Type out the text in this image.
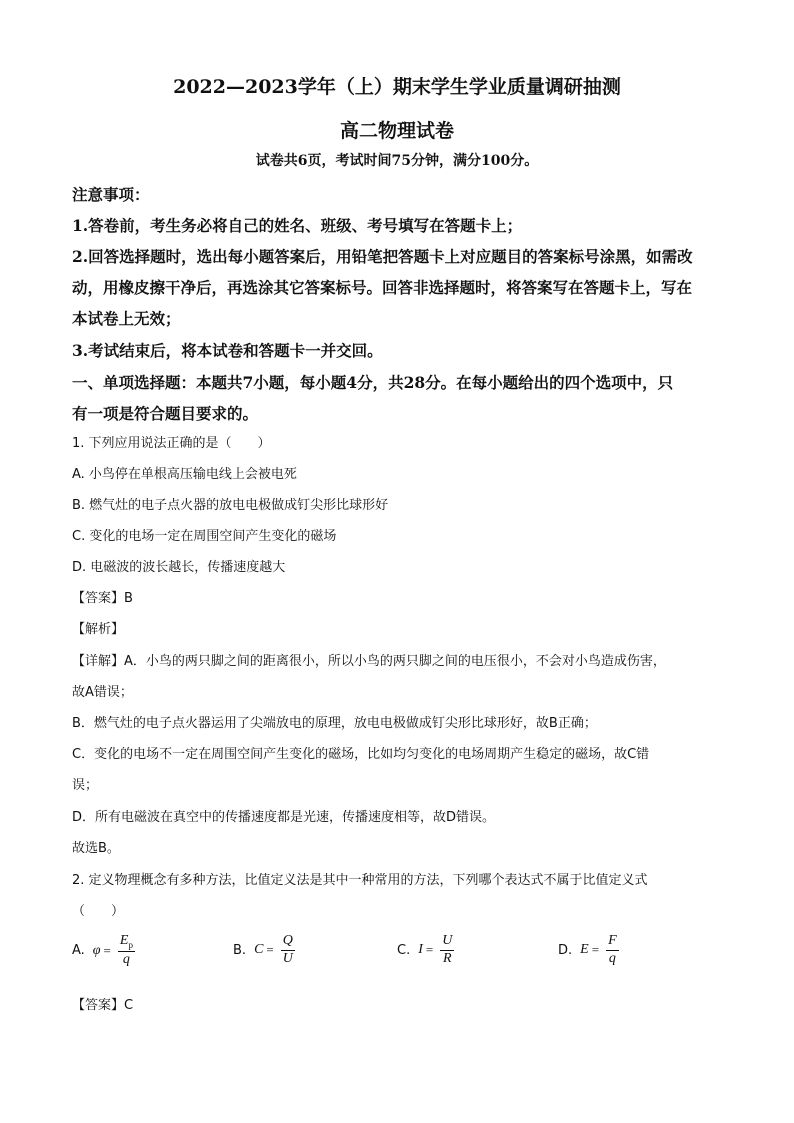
2022—2023学年（上）期末学生学业质量调研抽测
高二物理试卷
试卷共6页，考试时间75分钟，满分100分。
注意事项：
1.答卷前，考生务必将自己的姓名、班级、考号填写在答题卡上；
2.回答选择题时，选出每小题答案后，用铅笔把答题卡上对应题目的答案标号涂黑，如需改
动，用橡皮擦干净后，再选涂其它答案标号。回答非选择题时，将答案写在答题卡上，写在
本试卷上无效；
3.考试结束后，将本试卷和答题卡一并交回。
一、单项选择题：本题共7小题，每小题4分，共28分。在每小题给出的四个选项中，只
有一项是符合题目要求的。
1. 下列应用说法正确的是（　　）
A. 小鸟停在单根高压输电线上会被电死
B. 燃气灶的电子点火器的放电电极做成钉尖形比球形好
C. 变化的电场一定在周围空间产生变化的磁场
D. 电磁波的波长越长，传播速度越大
【答案】B
【解析】
【详解】A．小鸟的两只脚之间的距离很小，所以小鸟的两只脚之间的电压很小，不会对小鸟造成伤害，
故A错误；
B．燃气灶的电子点火器运用了尖端放电的原理，放电电极做成钉尖形比球形好，故B正确；
C．变化的电场不一定在周围空间产生变化的磁场，比如均匀变化的电场周期产生稳定的磁场，故C错
误；
D．所有电磁波在真空中的传播速度都是光速，传播速度相等，故D错误。
故选B。
2. 定义物理概念有多种方法，比值定义法是其中一种常用的方法，下列哪个表达式不属于比值定义式
（　　）
A. $\varphi = \frac{E_p}{q}$	B. $C = \frac{Q}{U}$	C. $I = \frac{U}{R}$	D. $E = \frac{F}{q}$
【答案】C
